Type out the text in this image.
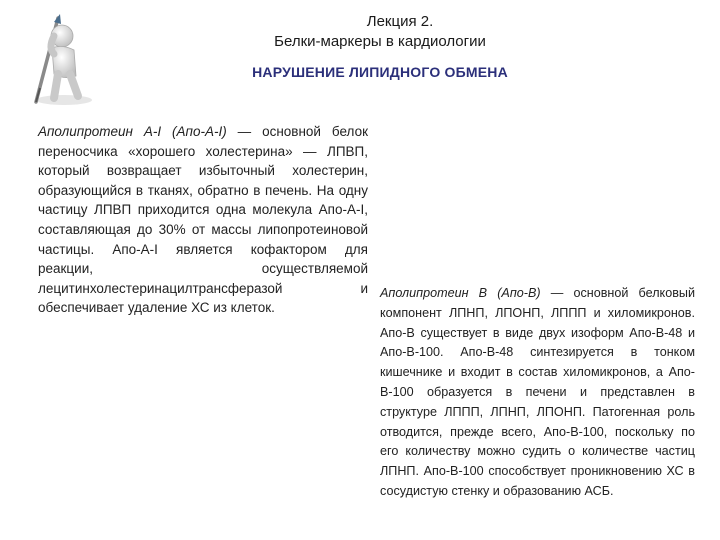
Лекция 2.
Белки-маркеры в кардиологии
НАРУШЕНИЕ ЛИПИДНОГО ОБМЕНА
Аполипротеин А-І (Апо-А-І) — основной белок переносчика «хорошего холестерина» — ЛПВП, который возвращает избыточный холестерин, образующийся в тканях, обратно в печень. На одну частицу ЛПВП приходится одна молекула Апо-А-І, составляющая до 30% от массы липопротеиновой частицы. Апо-А-І является кофактором для реакции, осуществляемой лецитинхолестеринацилтрансферазой и обеспечивает удаление ХС из клеток.
Аполипротеин В (Апо-В) — основной белковый компонент ЛПНП, ЛПОНП, ЛППП и хиломикронов. Апо-В существует в виде двух изоформ Апо-В-48 и Апо-В-100. Апо-В-48 синтезируется в тонком кишечнике и входит в состав хиломикронов, а Апо-В-100 образуется в печени и представлен в структуре ЛППП, ЛПНП, ЛПОНП. Патогенная роль отводится, прежде всего, Апо-В-100, поскольку по его количеству можно судить о количестве частиц ЛПНП. Апо-В-100 способствует проникновению ХС в сосудистую стенку и образованию АСБ.
